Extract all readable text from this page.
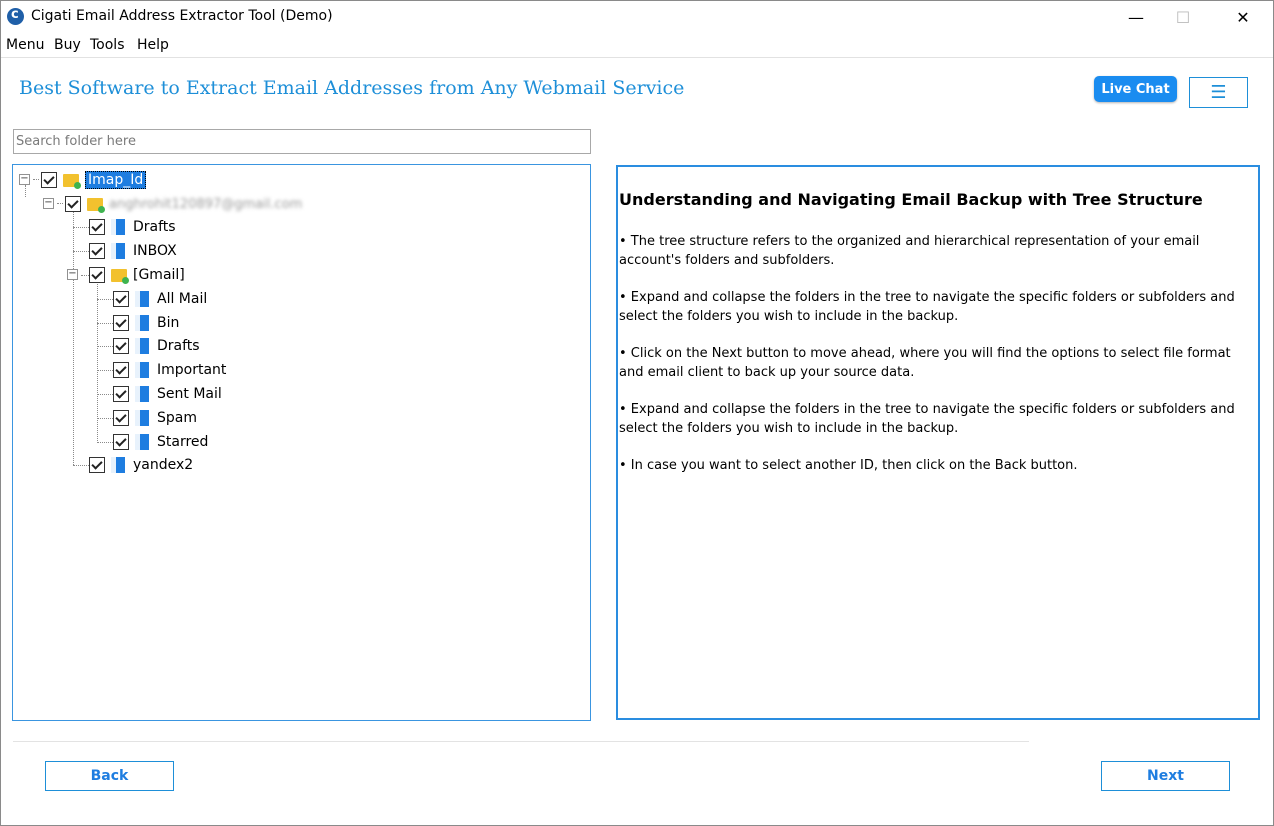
c
Cigati Email Address Extractor Tool (Demo)	—	☐	✕
Menu Buy Tools Help
Best Software to Extract Email Addresses from Any Webmail Service	Live Chat	☰
Search folder here
−	Imap_Id
−	anghrohit120897@gmail.com
Drafts
INBOX
−	[Gmail]
All Mail
Bin
Drafts
Important
Sent Mail
Spam
Starred
yandex2
Understanding and Navigating Email Backup with Tree Structure
• The tree structure refers to the organized and hierarchical representation of your email account's folders and subfolders.
• Expand and collapse the folders in the tree to navigate the specific folders or subfolders and select the folders you wish to include in the backup.
• Click on the Next button to move ahead, where you will find the options to select file format and email client to back up your source data.
• Expand and collapse the folders in the tree to navigate the specific folders or subfolders and select the folders you wish to include in the backup.
• In case you want to select another ID, then click on the Back button.
Back	Next
